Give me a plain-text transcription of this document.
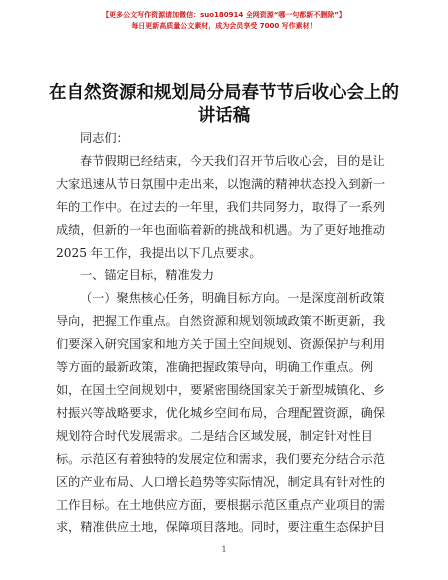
【更多公文写作资源请加微信：suo180914 全网资源“哪一句都新不删除”】
每日更新高质量公文素材，成为会员享受 7000 写作素材！
在自然资源和规划局分局春节节后收心会上的
讲话稿

同志们：

春节假期已经结束，今天我们召开节后收心会，目的是让

大家迅速从节日氛围中走出来，以饱满的精神状态投入到新一

年的工作中。在过去的一年里，我们共同努力，取得了一系列

成绩，但新的一年也面临着新的挑战和机遇。为了更好地推动

2025 年工作，我提出以下几点要求。

一、锚定目标，精准发力

（一）聚焦核心任务，明确目标方向。一是深度剖析政策

导向，把握工作重点。自然资源和规划领域政策不断更新，我

们要深入研究国家和地方关于国土空间规划、资源保护与利用

等方面的最新政策，准确把握政策导向，明确工作重点。例

如，在国土空间规划中，要紧密围绕国家关于新型城镇化、乡

村振兴等战略要求，优化城乡空间布局，合理配置资源，确保

规划符合时代发展需求。二是结合区域发展，制定针对性目

标。示范区有着独特的发展定位和需求，我们要充分结合示范

区的产业布局、人口增长趋势等实际情况，制定具有针对性的

工作目标。在土地供应方面，要根据示范区重点产业项目的需

求，精准供应土地，保障项目落地。同时，要注重生态保护目

1
